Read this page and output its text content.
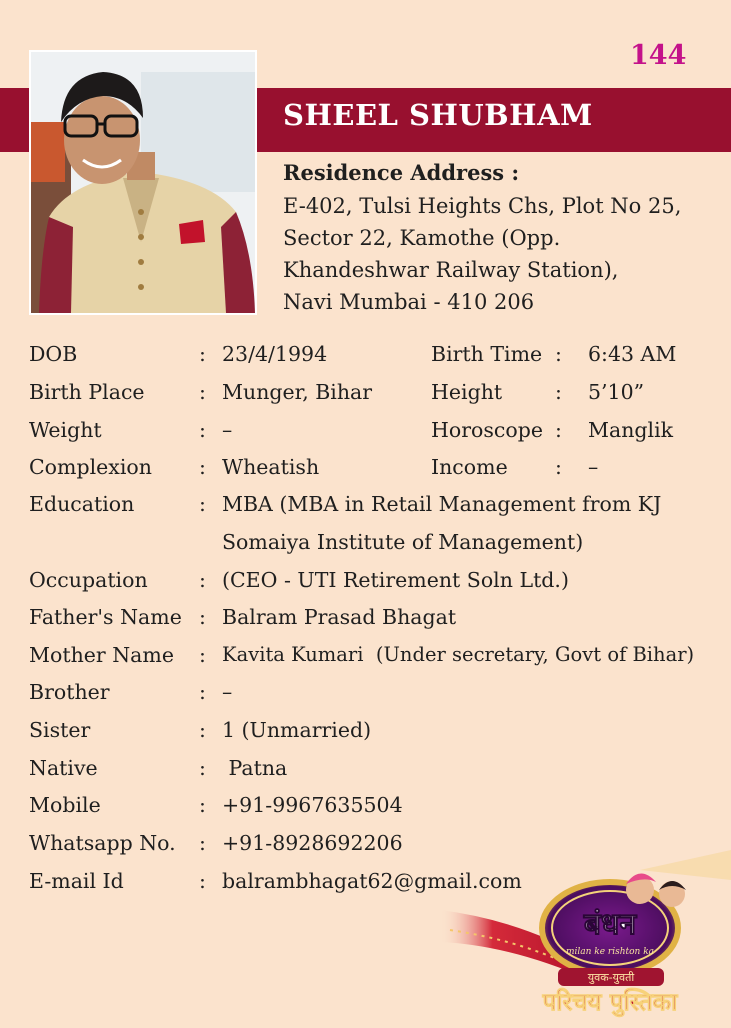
144
SHEEL SHUBHAM
Residence Address :
E-402, Tulsi Heights Chs, Plot No 25,
Sector 22, Kamothe (Opp.
Khandeshwar Railway Station),
Navi Mumbai - 410 206
DOB	: 23/4/1994	Birth Time : 6:43 AM
Birth Place	: Munger, Bihar	Height	: 5’10”
Weight	: –	Horoscope : Manglik
Complexion : Wheatish	Income : –
Education	: MBA (MBA in Retail Management from KJ
Somaiya Institute of Management)
Occupation	: (CEO - UTI Retirement Soln Ltd.)
Father's Name : Balram Prasad Bhagat
Mother Name : Kavita Kumari  (Under secretary, Govt of Bihar)
Brother	: –
Sister	: 1 (Unmarried)
Native	: Patna
Mobile	: +91-9967635504
Whatsapp No. : +91-8928692206
E-mail Id	: balrambhagat62@gmail.com
बंधन
milan ke rishton ka
युवक-युवती
परिचय पुस्तिका
